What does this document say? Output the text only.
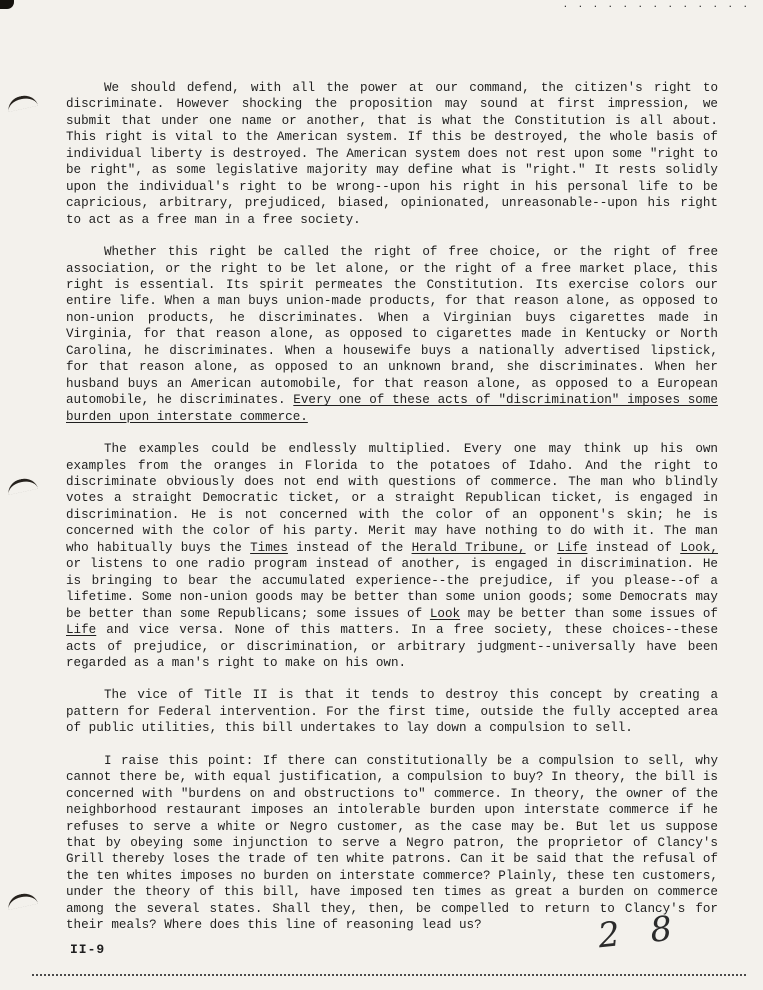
· · · · · · · · · · · · ·

We should defend, with all the power at our command, the citizen's right to discriminate. However shocking the proposition may sound at first impression, we submit that under one name or another, that is what the Constitution is all about. This right is vital to the American system. If this be destroyed, the whole basis of individual liberty is destroyed. The American system does not rest upon some "right to be right", as some legislative majority may define what is "right." It rests solidly upon the individual's right to be wrong--upon his right in his personal life to be capricious, arbitrary, prejudiced, biased, opinionated, unreasonable--upon his right to act as a free man in a free society.

Whether this right be called the right of free choice, or the right of free association, or the right to be let alone, or the right of a free market place, this right is essential. Its spirit permeates the Constitution. Its exercise colors our entire life. When a man buys union-made products, for that reason alone, as opposed to non-union products, he discriminates. When a Virginian buys cigarettes made in Virginia, for that reason alone, as opposed to cigarettes made in Kentucky or North Carolina, he discriminates. When a housewife buys a nationally advertised lipstick, for that reason alone, as opposed to an unknown brand, she discriminates. When her husband buys an American automobile, for that reason alone, as opposed to a European automobile, he discriminates. Every one of these acts of "discrimination" imposes some burden upon interstate commerce.

The examples could be endlessly multiplied. Every one may think up his own examples from the oranges in Florida to the potatoes of Idaho. And the right to discriminate obviously does not end with questions of commerce. The man who blindly votes a straight Democratic ticket, or a straight Republican ticket, is engaged in discrimination. He is not concerned with the color of an opponent's skin; he is concerned with the color of his party. Merit may have nothing to do with it. The man who habitually buys the Times instead of the Herald Tribune, or Life instead of Look, or listens to one radio program instead of another, is engaged in discrimination. He is bringing to bear the accumulated experience--the prejudice, if you please--of a lifetime. Some non-union goods may be better than some union goods; some Democrats may be better than some Republicans; some issues of Look may be better than some issues of Life and vice versa. None of this matters. In a free society, these choices--these acts of prejudice, or discrimination, or arbitrary judgment--universally have been regarded as a man's right to make on his own.

The vice of Title II is that it tends to destroy this concept by creating a pattern for Federal intervention. For the first time, outside the fully accepted area of public utilities, this bill undertakes to lay down a compulsion to sell.

I raise this point: If there can constitutionally be a compulsion to sell, why cannot there be, with equal justification, a compulsion to buy? In theory, the bill is concerned with "burdens on and obstructions to" commerce. In theory, the owner of the neighborhood restaurant imposes an intolerable burden upon interstate commerce if he refuses to serve a white or Negro customer, as the case may be. But let us suppose that by obeying some injunction to serve a Negro patron, the proprietor of Clancy's Grill thereby loses the trade of ten white patrons. Can it be said that the refusal of the ten whites imposes no burden on interstate commerce? Plainly, these ten customers, under the theory of this bill, have imposed ten times as great a burden on commerce among the several states. Shall they, then, be compelled to return to Clancy's for their meals? Where does this line of reasoning lead us?

II-9	2 8
